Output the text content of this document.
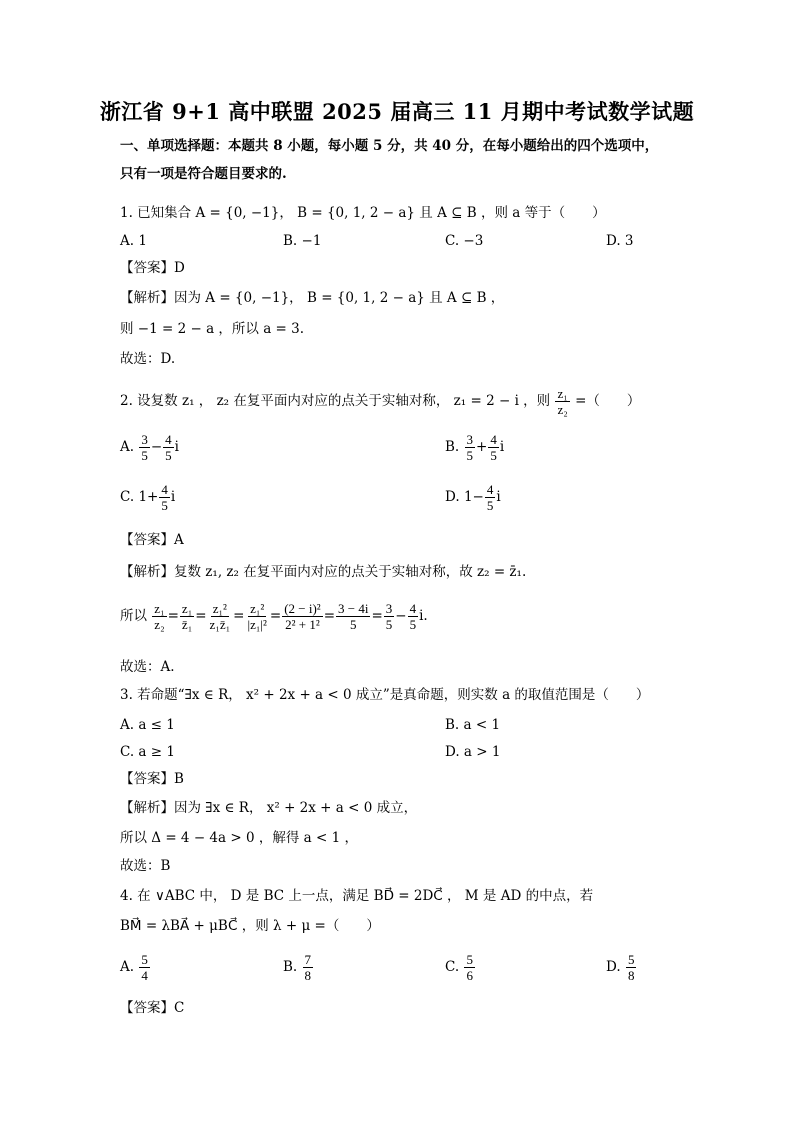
浙江省 9+1 高中联盟 2025 届高三 11 月期中考试数学试题
一、单项选择题：本题共 8 小题，每小题 5 分，共 40 分，在每小题给出的四个选项中，
只有一项是符合题目要求的.
1. 已知集合 A = {0, −1}， B = {0, 1, 2 − a} 且 A ⊆ B ，则 a 等于（　　）
A. 1	B. −1	C. −3	D. 3
【答案】D
【解析】因为 A = {0, −1}， B = {0, 1, 2 − a} 且 A ⊆ B ，
则 −1 = 2 − a ，所以 a = 3.
故选：D.
2. 设复数 z₁ ， z₂ 在复平面内对应的点关于实轴对称， z₁ = 2 − i ，则 $\frac{\text{z₁}}{\text{z₂}}$ =（　　）
A. $\frac{3}{5} - \frac{4}{5}$ i	B. $\frac{3}{5} + \frac{4}{5}$ i
C. $1+ \frac{4}{5}$ i	D. $1- \frac{4}{5}$ i
【答案】A
【解析】复数 z₁, z₂ 在复平面内对应的点关于实轴对称，故 z₂ = z̄₁.
所以 $\frac{\text{z₁}}{\text{z₂}} = \frac{\text{z₁}}{\text{z̄₁}} = \frac{\text{z₁²}}{\text{z₁z̄₁}} = \frac{\text{z₁²}}{\text{|z₁|²}} = \frac{\text{(2 − i)²}}{\text{2² + 1²}} = \frac{3 - 4i}{5} = \frac{3}{5} - \frac{4}{5} i$.
故选：A.
3. 若命题“∃x ∈ R， x² + 2x + a < 0 成立”是真命题，则实数 a 的取值范围是（　　）
A. a ≤ 1	B. a < 1
C. a ≥ 1	D. a > 1
【答案】B
【解析】因为 ∃x ∈ R， x² + 2x + a < 0 成立，
所以 Δ = 4 − 4a > 0 ，解得 a < 1 ，
故选：B
4. 在 ∨ABC 中， D 是 BC 上一点，满足 BD⃗ = 2DC⃗ ， M 是 AD 的中点，若
BM⃗ = λBA⃗ + μBC⃗ ，则 λ + μ =（　　）
A. $\frac{5}{4}$	B. $\frac{7}{8}$	C. $\frac{5}{6}$	D. $\frac{5}{8}$
【答案】C
